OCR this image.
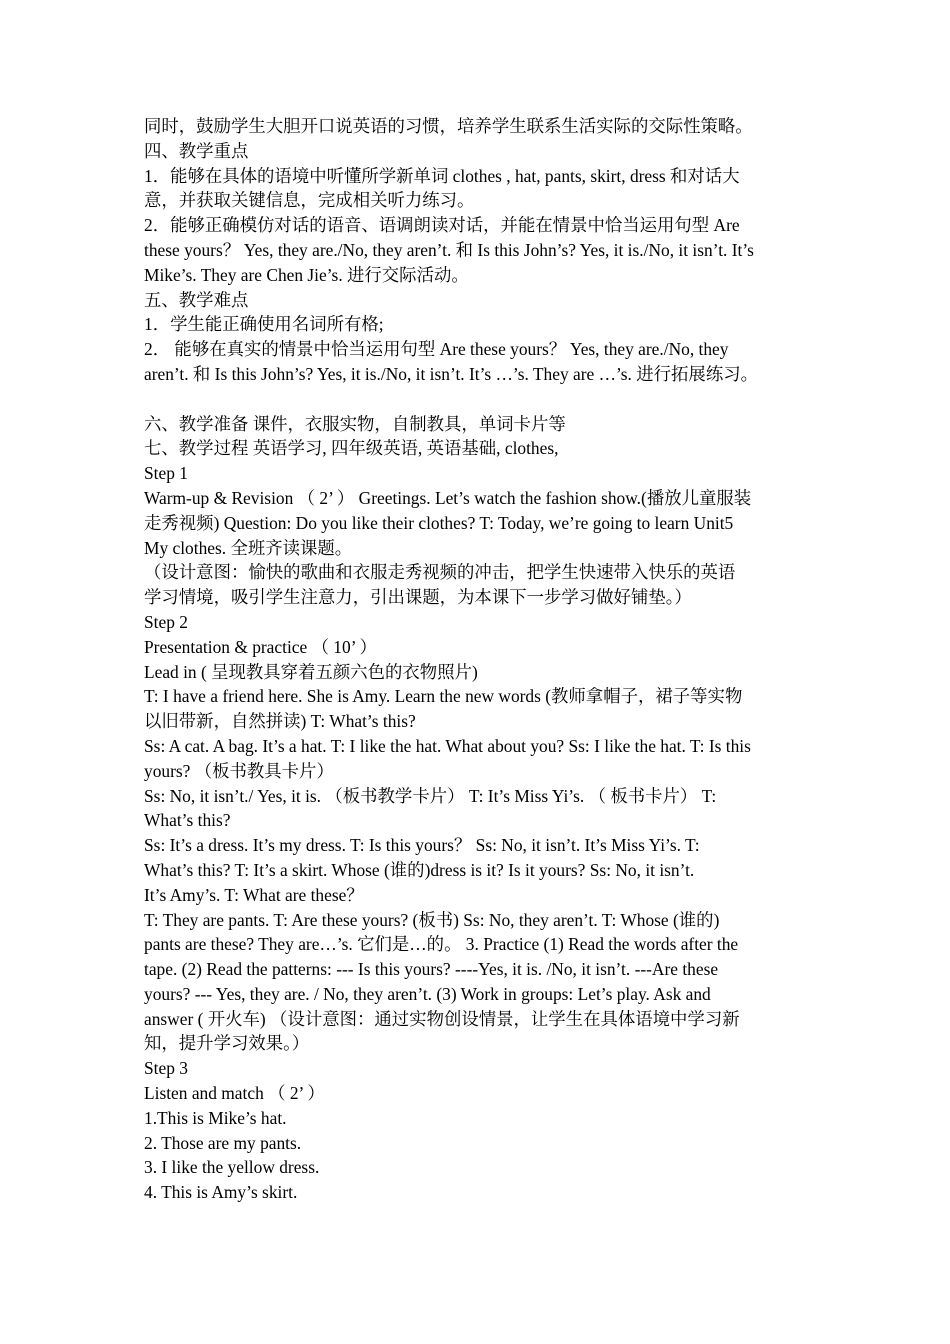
同时，鼓励学生大胆开口说英语的习惯，培养学生联系生活实际的交际性策略。
四、教学重点
1．能够在具体的语境中听懂所学新单词 clothes , hat, pants, skirt, dress 和对话大
意，并获取关键信息，完成相关听力练习。
2．能够正确模仿对话的语音、语调朗读对话，并能在情景中恰当运用句型 Are
these yours？ Yes, they are./No, they aren’t. 和 Is this John’s? Yes, it is./No, it isn’t. It’s
Mike’s. They are Chen Jie’s. 进行交际活动。
五、教学难点
1．学生能正确使用名词所有格;
2． 能够在真实的情景中恰当运用句型 Are these yours？ Yes, they are./No, they
aren’t. 和 Is this John’s? Yes, it is./No, it isn’t. It’s …’s. They are …’s. 进行拓展练习。
六、教学准备 课件，衣服实物，自制教具，单词卡片等
七、教学过程 英语学习, 四年级英语, 英语基础, clothes,
Step 1
Warm-up & Revision （ 2’ ） Greetings. Let’s watch the fashion show.(播放儿童服装
走秀视频) Question: Do you like their clothes? T: Today, we’re going to learn Unit5
My clothes. 全班齐读课题。
（设计意图：愉快的歌曲和衣服走秀视频的冲击，把学生快速带入快乐的英语
学习情境，吸引学生注意力，引出课题，为本课下一步学习做好铺垫。）
Step 2
Presentation & practice （ 10’ ）
Lead in ( 呈现教具穿着五颜六色的衣物照片)
T: I have a friend here. She is Amy. Learn the new words (教师拿帽子，裙子等实物
以旧带新，自然拼读) T: What’s this?
Ss: A cat. A bag. It’s a hat. T: I like the hat. What about you? Ss: I like the hat. T: Is this
yours? （板书教具卡片）
Ss: No, it isn’t./ Yes, it is. （板书教学卡片） T: It’s Miss Yi’s. （ 板书卡片） T:
What’s this?
Ss: It’s a dress. It’s my dress. T: Is this yours？ Ss: No, it isn’t. It’s Miss Yi’s. T:
What’s this? T: It’s a skirt. Whose (谁的)dress is it? Is it yours? Ss: No, it isn’t.
It’s Amy’s. T: What are these？
T: They are pants. T: Are these yours? (板书) Ss: No, they aren’t. T: Whose (谁的)
pants are these? They are…’s. 它们是…的。 3. Practice (1) Read the words after the
tape. (2) Read the patterns: --- Is this yours? ----Yes, it is. /No, it isn’t. ---Are these
yours? --- Yes, they are. / No, they aren’t. (3) Work in groups: Let’s play. Ask and
answer ( 开火车) （设计意图：通过实物创设情景，让学生在具体语境中学习新
知，提升学习效果。）
Step 3
Listen and match （ 2’ ）
1.This is Mike’s hat.
2. Those are my pants.
3. I like the yellow dress.
4. This is Amy’s skirt.
